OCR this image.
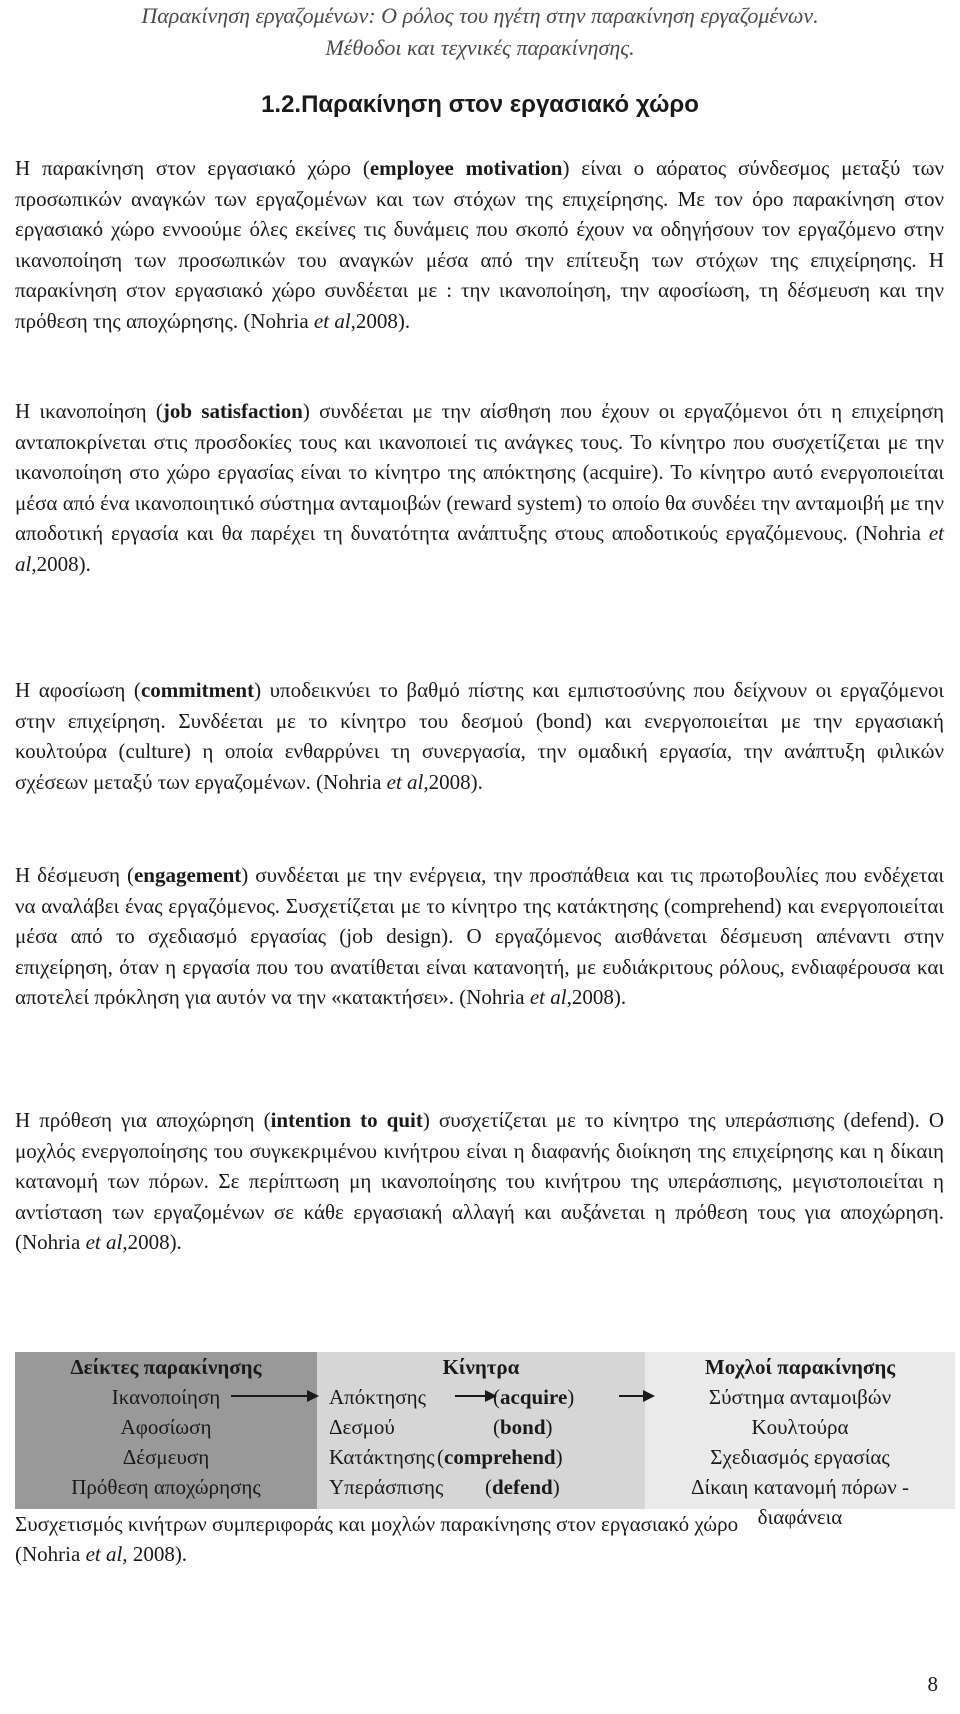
Παρακίνηση εργαζομένων: Ο ρόλος του ηγέτη στην παρακίνηση εργαζομένων.
Μέθοδοι και τεχνικές παρακίνησης.
1.2.Παρακίνηση στον εργασιακό χώρο

Η παρακίνηση στον εργασιακό χώρο (employee motivation) είναι ο αόρατος σύνδεσμος μεταξύ των προσωπικών αναγκών των εργαζομένων και των στόχων της επιχείρησης. Με τον όρο παρακίνηση στον εργασιακό χώρο εννοούμε όλες εκείνες τις δυνάμεις που σκοπό έχουν να οδηγήσουν τον εργαζόμενο στην ικανοποίηση των προσωπικών του αναγκών μέσα από την επίτευξη των στόχων της επιχείρησης. Η παρακίνηση στον εργασιακό χώρο συνδέεται με : την ικανοποίηση, την αφοσίωση, τη δέσμευση και την πρόθεση της αποχώρησης. (Nohria et al,2008).

Η ικανοποίηση (job satisfaction) συνδέεται με την αίσθηση που έχουν οι εργαζόμενοι ότι η επιχείρηση ανταποκρίνεται στις προσδοκίες τους και ικανοποιεί τις ανάγκες τους. Το κίνητρο που συσχετίζεται με την ικανοποίηση στο χώρο εργασίας είναι το κίνητρο της απόκτησης (acquire). Το κίνητρο αυτό ενεργοποιείται μέσα από ένα ικανοποιητικό σύστημα ανταμοιβών (reward system) το οποίο θα συνδέει την ανταμοιβή με την αποδοτική εργασία και θα παρέχει τη δυνατότητα ανάπτυξης στους αποδοτικούς εργαζόμενους. (Nohria et al,2008).

Η αφοσίωση (commitment) υποδεικνύει το βαθμό πίστης και εμπιστοσύνης που δείχνουν οι εργαζόμενοι στην επιχείρηση. Συνδέεται με το κίνητρο του δεσμού (bond) και ενεργοποιείται με την εργασιακή κουλτούρα (culture) η οποία ενθαρρύνει τη συνεργασία, την ομαδική εργασία, την ανάπτυξη φιλικών σχέσεων μεταξύ των εργαζομένων. (Nohria et al,2008).

Η δέσμευση (engagement) συνδέεται με την ενέργεια, την προσπάθεια και τις πρωτοβουλίες που ενδέχεται να αναλάβει ένας εργαζόμενος. Συσχετίζεται με το κίνητρο της κατάκτησης (comprehend) και ενεργοποιείται μέσα από το σχεδιασμό εργασίας (job design). Ο εργαζόμενος αισθάνεται δέσμευση απέναντι στην επιχείρηση, όταν η εργασία που του ανατίθεται είναι κατανοητή, με ευδιάκριτους ρόλους, ενδιαφέρουσα και αποτελεί πρόκληση για αυτόν να την «κατακτήσει». (Nohria et al,2008).

Η πρόθεση για αποχώρηση (intention to quit) συσχετίζεται με το κίνητρο της υπεράσπισης (defend). Ο μοχλός ενεργοποίησης του συγκεκριμένου κινήτρου είναι η διαφανής διοίκηση της επιχείρησης και η δίκαιη κατανομή των πόρων. Σε περίπτωση μη ικανοποίησης του κινήτρου της υπεράσπισης, μεγιστοποιείται η αντίσταση των εργαζομένων σε κάθε εργασιακή αλλαγή και αυξάνεται η πρόθεση τους για αποχώρηση. (Nohria et al,2008).

Δείκτες παρακίνησης
Ικανοποίηση
Αφοσίωση
Δέσμευση
Πρόθεση αποχώρησης
Κίνητρα
Απόκτησης	(acquire)
Δεσμού	(bond)
Κατάκτησης (comprehend)
Υπεράσπισης (defend)
Μοχλοί παρακίνησης
Σύστημα ανταμοιβών
Κουλτούρα
Σχεδιασμός εργασίας
Δίκαιη κατανομή πόρων -
διαφάνεια
Συσχετισμός κινήτρων συμπεριφοράς και μοχλών παρακίνησης στον εργασιακό χώρο
(Nohria et al, 2008).
8
